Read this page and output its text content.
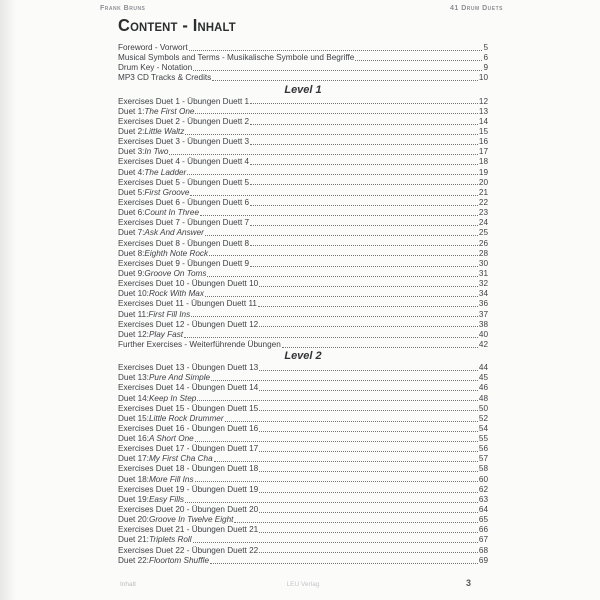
Frank Bruns	41 Drum Duets
Content - Inhalt
Foreword - Vorwort	5
Musical Symbols and Terms - Musikalische Symbole und Begriffe	6
Drum Key - Notation	9
MP3 CD Tracks & Credits	10
Level 1
Exercises Duet 1 - Übungen Duett 1	12
Duet 1: The First One	13
Exercises Duet 2 - Übungen Duett 2	14
Duet 2: Little Waltz	15
Exercises Duet 3 - Übungen Duett 3	16
Duet 3: In Two	17
Exercises Duet 4 - Übungen Duett 4	18
Duet 4: The Ladder	19
Exercises Duet 5 - Übungen Duett 5	20
Duet 5: First Groove	21
Exercises Duet 6 - Übungen Duett 6	22
Duet 6: Count In Three	23
Exercises Duet 7 - Übungen Duett 7	24
Duet 7: Ask And Answer	25
Exercises Duet 8 - Übungen Duett 8	26
Duet 8: Eighth Note Rock	28
Exercises Duet 9 - Übungen Duett 9	30
Duet 9: Groove On Toms	31
Exercises Duet 10 - Übungen Duett 10	32
Duet 10: Rock With Max	34
Exercises Duet 11 - Übungen Duett 11	36
Duet 11: First Fill Ins	37
Exercises Duet 12 - Übungen Duett 12	38
Duet 12: Play Fast	40
Further Exercises - Weiterführende Übungen	42
Level 2
Exercises Duet 13 - Übungen Duett 13	44
Duet 13: Pure And Simple	45
Exercises Duet 14 - Übungen Duett 14	46
Duet 14: Keep In Step	48
Exercises Duet 15 - Übungen Duett 15	50
Duet 15: Little Rock Drummer	52
Exercises Duet 16 - Übungen Duett 16	54
Duet 16: A Short One	55
Exercises Duet 17 - Übungen Duett 17	56
Duet 17: My First Cha Cha	57
Exercises Duet 18 - Übungen Duett 18	58
Duet 18: More Fill Ins	60
Exercises Duet 19 - Übungen Duett 19	62
Duet 19: Easy Fills	63
Exercises Duet 20 - Übungen Duett 20	64
Duet 20: Groove In Twelve Eight	65
Exercises Duet 21 - Übungen Duett 21	66
Duet 21: Triplets Roll	67
Exercises Duet 22 - Übungen Duett 22	68
Duet 22: Floortom Shuffle	69
Inhalt	LEU Verlag	3
